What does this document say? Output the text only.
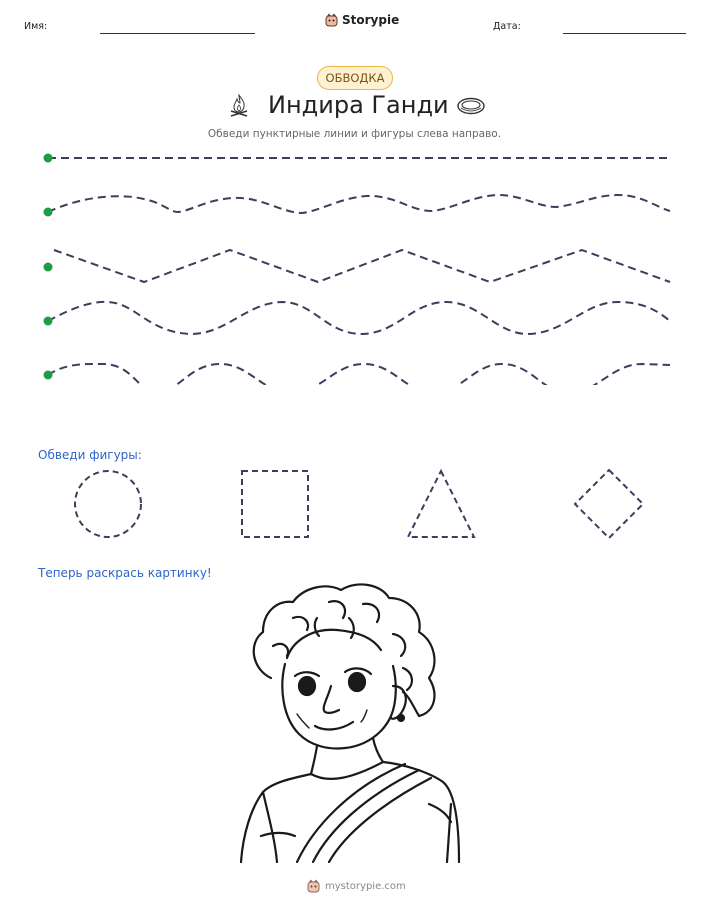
Имя:	Storypie	Дата:
ОБВОДКА
Индира Ганди
Обведи пунктирные линии и фигуры слева направо.
Обведи фигуры:
Теперь раскрась картинку!
mystorypie.com
